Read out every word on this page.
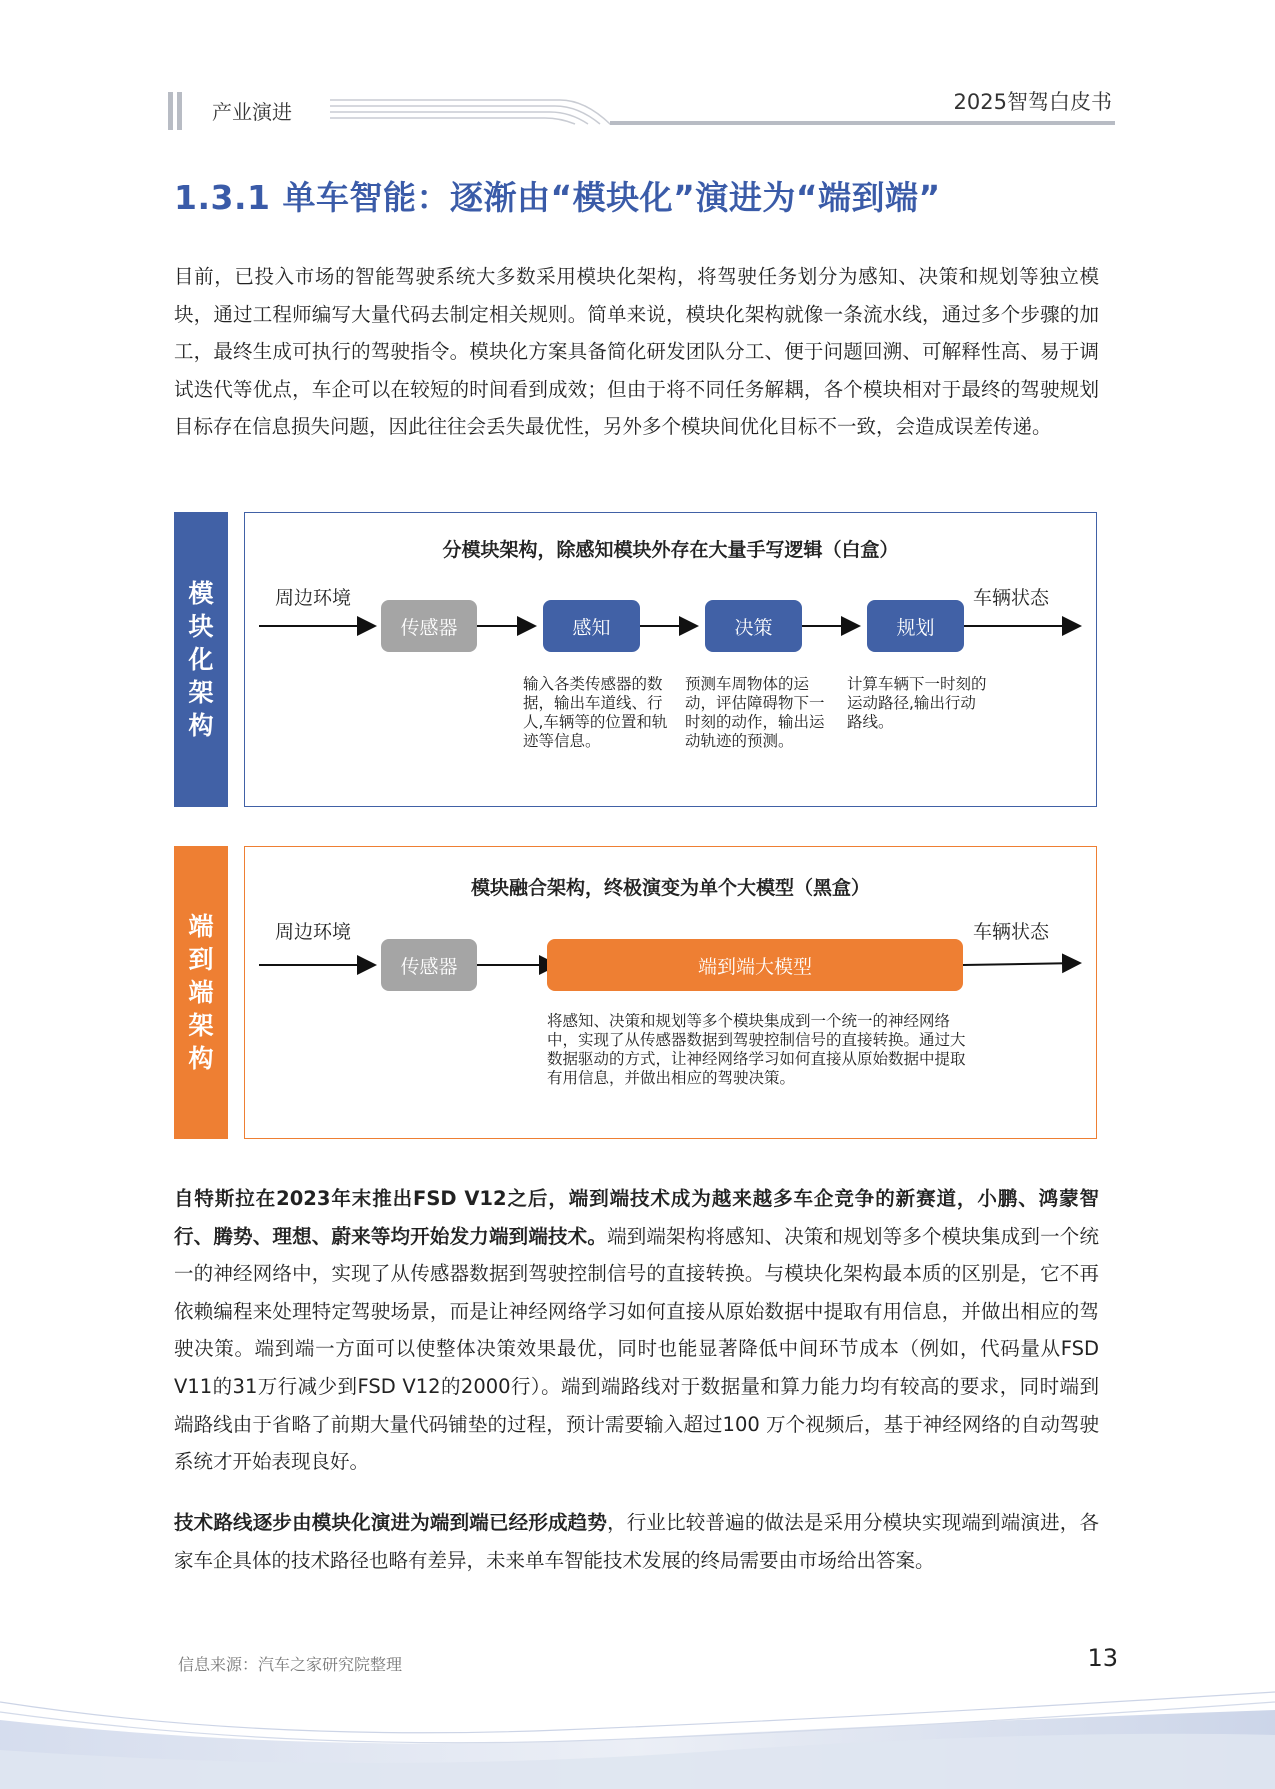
产业演进	2025智驾白皮书
1.3.1 单车智能：逐渐由“模块化”演进为“端到端”

目前，已投入市场的智能驾驶系统大多数采用模块化架构，将驾驶任务划分为感知、决策和规划等独立模块，通过工程师编写大量代码去制定相关规则。简单来说，模块化架构就像一条流水线，通过多个步骤的加工，最终生成可执行的驾驶指令。模块化方案具备简化研发团队分工、便于问题回溯、可解释性高、易于调试迭代等优点，车企可以在较短的时间看到成效；但由于将不同任务解耦，各个模块相对于最终的驾驶规划目标存在信息损失问题，因此往往会丢失最优性，另外多个模块间优化目标不一致，会造成误差传递。

模块化架构
分模块架构，除感知模块外存在大量手写逻辑（白盒）
周边环境	车辆状态
传感器	感知	决策	规划
输入各类传感器的数据，输出车道线、行人,车辆等的位置和轨迹等信息。
预测车周物体的运动，评估障碍物下一时刻的动作，输出运动轨迹的预测。
计算车辆下一时刻的运动路径,输出行动路线。
端到端架构
模块融合架构，终极演变为单个大模型（黑盒）
周边环境	车辆状态
传感器	端到端大模型
将感知、决策和规划等多个模块集成到一个统一的神经网络中，实现了从传感器数据到驾驶控制信号的直接转换。通过大数据驱动的方式，让神经网络学习如何直接从原始数据中提取有用信息，并做出相应的驾驶决策。

自特斯拉在2023年末推出FSD V12之后，端到端技术成为越来越多车企竞争的新赛道，小鹏、鸿蒙智行、腾势、理想、蔚来等均开始发力端到端技术。端到端架构将感知、决策和规划等多个模块集成到一个统一的神经网络中，实现了从传感器数据到驾驶控制信号的直接转换。与模块化架构最本质的区别是，它不再依赖编程来处理特定驾驶场景，而是让神经网络学习如何直接从原始数据中提取有用信息，并做出相应的驾驶决策。端到端一方面可以使整体决策效果最优，同时也能显著降低中间环节成本（例如，代码量从FSD V11的31万行减少到FSD V12的2000行）。端到端路线对于数据量和算力能力均有较高的要求，同时端到端路线由于省略了前期大量代码铺垫的过程，预计需要输入超过100 万个视频后，基于神经网络的自动驾驶系统才开始表现良好。

技术路线逐步由模块化演进为端到端已经形成趋势，行业比较普遍的做法是采用分模块实现端到端演进，各家车企具体的技术路径也略有差异，未来单车智能技术发展的终局需要由市场给出答案。

信息来源：汽车之家研究院整理	13
